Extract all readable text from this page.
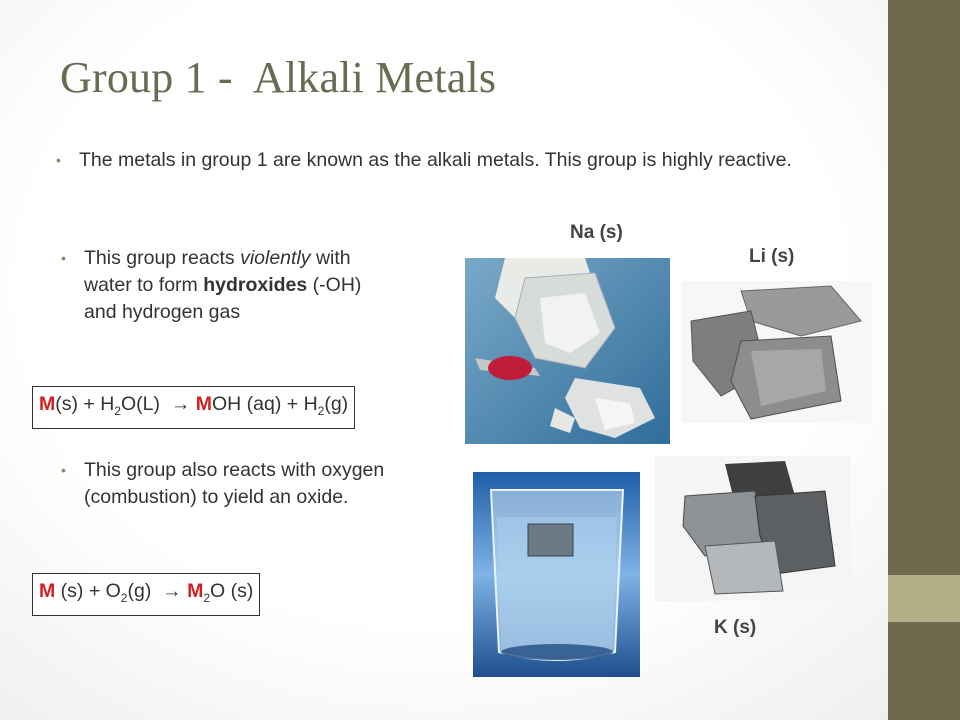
Group 1 -  Alkali Metals
• The metals in group 1 are known as the alkali metals. This group is highly reactive.
• This group reacts violently with water to form hydroxides (-OH) and hydrogen gas
$M(s) + H_2O(L)$  → MOH $(aq) + H_2(g)$
• This group also reacts with oxygen (combustion) to yield an oxide.
M $(s) + O_2(g) \to M_2O$ (s)
Na (s)
Li (s)
K (s)
